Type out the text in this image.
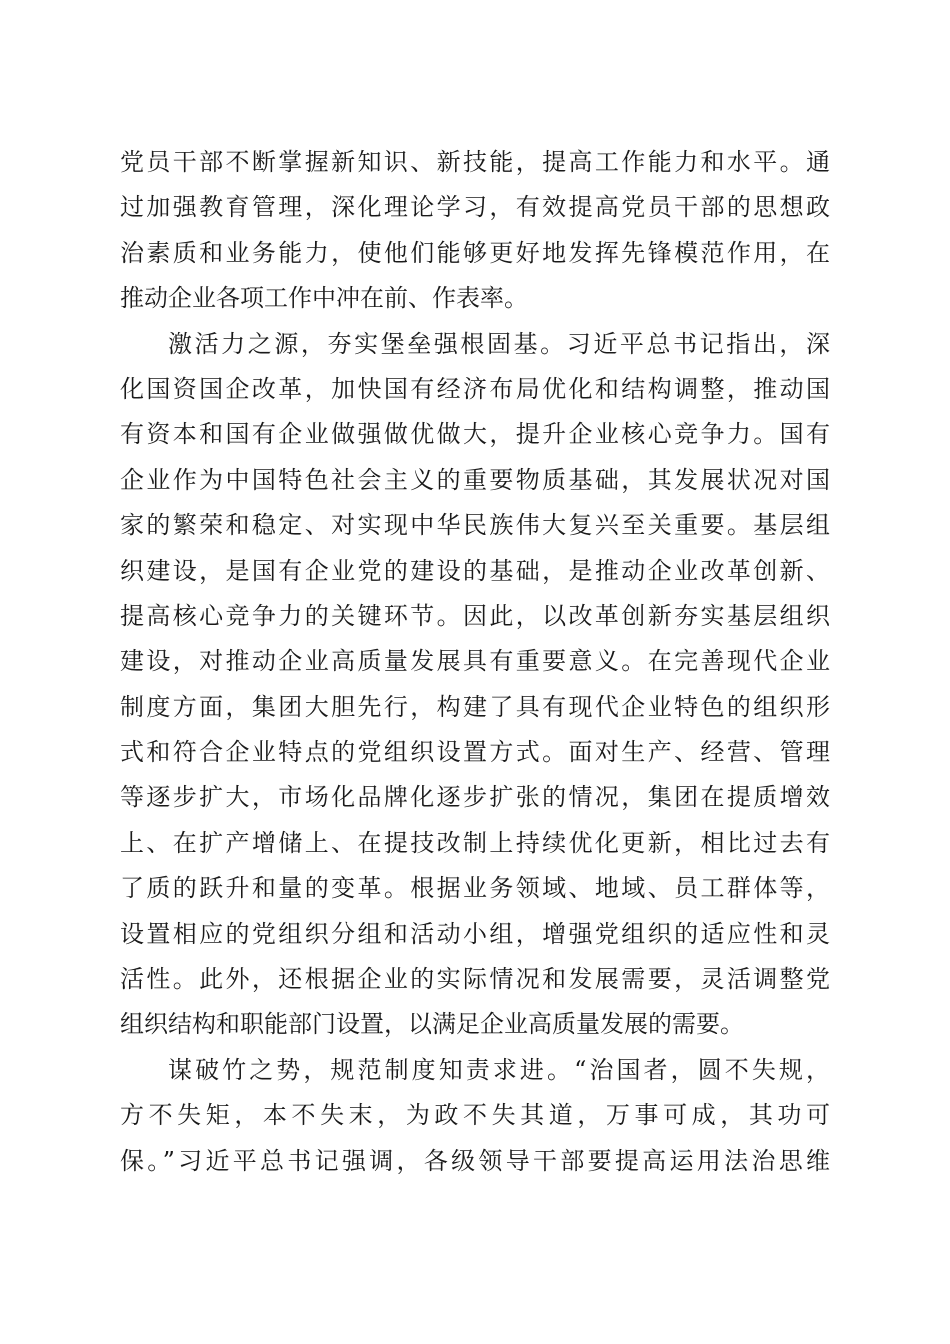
党员干部不断掌握新知识、新技能，提高工作能力和水平。通
过加强教育管理，深化理论学习，有效提高党员干部的思想政
治素质和业务能力，使他们能够更好地发挥先锋模范作用，在
推动企业各项工作中冲在前、作表率。
激活力之源，夯实堡垒强根固基。习近平总书记指出，深
化国资国企改革，加快国有经济布局优化和结构调整，推动国
有资本和国有企业做强做优做大，提升企业核心竞争力。国有
企业作为中国特色社会主义的重要物质基础，其发展状况对国
家的繁荣和稳定、对实现中华民族伟大复兴至关重要。基层组
织建设，是国有企业党的建设的基础，是推动企业改革创新、
提高核心竞争力的关键环节。因此，以改革创新夯实基层组织
建设，对推动企业高质量发展具有重要意义。在完善现代企业
制度方面，集团大胆先行，构建了具有现代企业特色的组织形
式和符合企业特点的党组织设置方式。面对生产、经营、管理
等逐步扩大，市场化品牌化逐步扩张的情况，集团在提质增效
上、在扩产增储上、在提技改制上持续优化更新，相比过去有
了质的跃升和量的变革。根据业务领域、地域、员工群体等，
设置相应的党组织分组和活动小组，增强党组织的适应性和灵
活性。此外，还根据企业的实际情况和发展需要，灵活调整党
组织结构和职能部门设置，以满足企业高质量发展的需要。
谋破竹之势，规范制度知责求进。“治国者，圆不失规，
方不失矩，本不失末，为政不失其道，万事可成，其功可
保。”习近平总书记强调，各级领导干部要提高运用法治思维
